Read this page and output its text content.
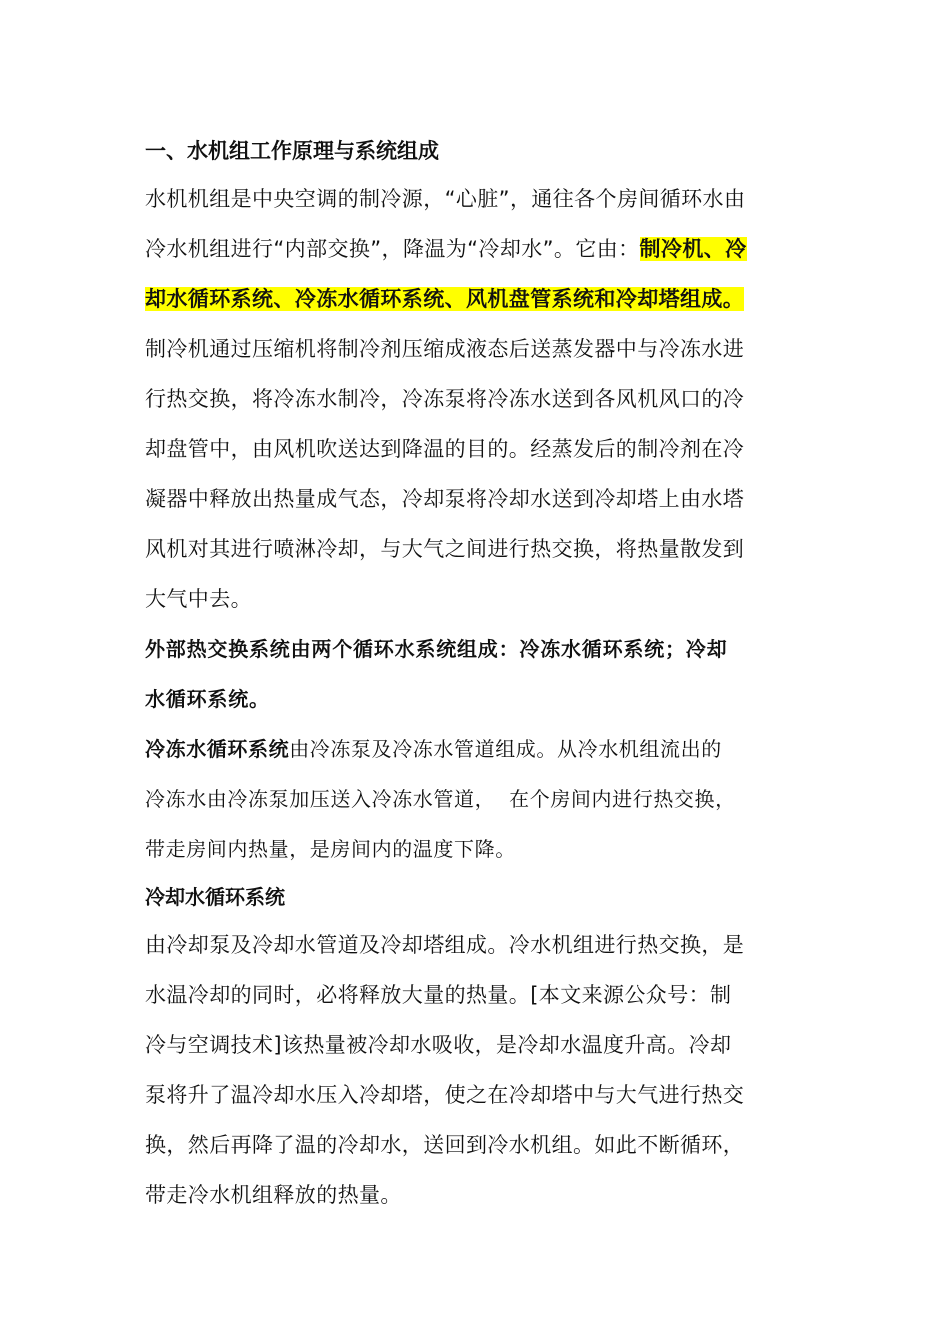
一、水机组工作原理与系统组成
水机机组是中央空调的制冷源，“心脏”，通往各个房间循环水由
冷水机组进行“内部交换”，降温为“冷却水”。它由：制冷机、冷
却水循环系统、冷冻水循环系统、风机盘管系统和冷却塔组成。
制冷机通过压缩机将制冷剂压缩成液态后送蒸发器中与冷冻水进
行热交换，将冷冻水制冷，冷冻泵将冷冻水送到各风机风口的冷
却盘管中，由风机吹送达到降温的目的。经蒸发后的制冷剂在冷
凝器中释放出热量成气态，冷却泵将冷却水送到冷却塔上由水塔
风机对其进行喷淋冷却，与大气之间进行热交换，将热量散发到
大气中去。
外部热交换系统由两个循环水系统组成：冷冻水循环系统；冷却
水循环系统。
冷冻水循环系统由冷冻泵及冷冻水管道组成。从冷水机组流出的
冷冻水由冷冻泵加压送入冷冻水管道，  在个房间内进行热交换，
带走房间内热量，是房间内的温度下降。
冷却水循环系统
由冷却泵及冷却水管道及冷却塔组成。冷水机组进行热交换，是
水温冷却的同时，必将释放大量的热量。[本文来源公众号：制
冷与空调技术]该热量被冷却水吸收，是冷却水温度升高。冷却
泵将升了温冷却水压入冷却塔，使之在冷却塔中与大气进行热交
换，然后再降了温的冷却水，送回到冷水机组。如此不断循环，
带走冷水机组释放的热量。
